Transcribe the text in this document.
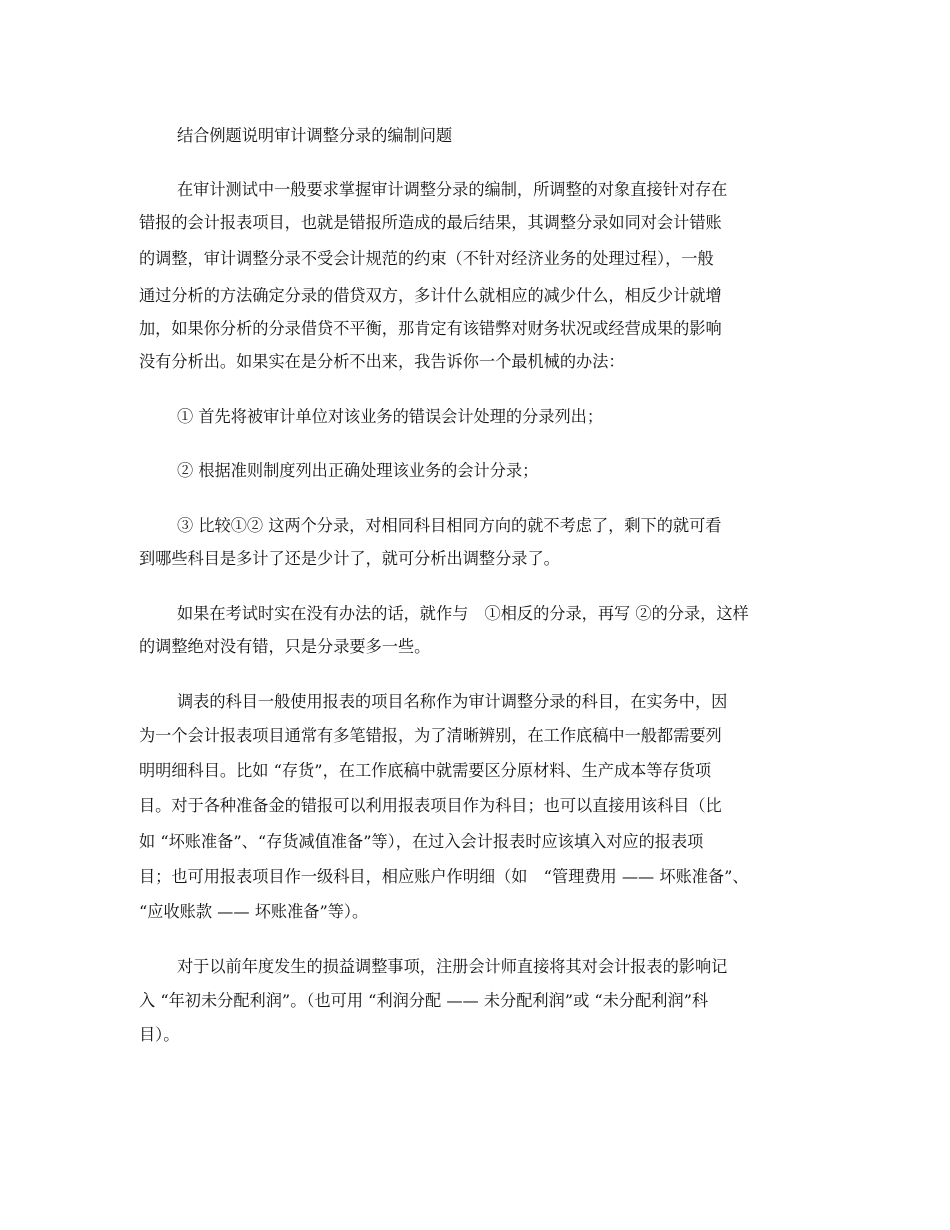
结合例题说明审计调整分录的编制问题

在审计测试中一般要求掌握审计调整分录的编制，所调整的对象直接针对存在

错报的会计报表项目，也就是错报所造成的最后结果，其调整分录如同对会计错账

的调整，审计调整分录不受会计规范的约束（不针对经济业务的处理过程），一般

通过分析的方法确定分录的借贷双方，多计什么就相应的减少什么，相反少计就增

加，如果你分析的分录借贷不平衡，那肯定有该错弊对财务状况或经营成果的影响

没有分析出。如果实在是分析不出来，我告诉你一个最机械的办法：

① 首先将被审计单位对该业务的错误会计处理的分录列出；

② 根据准则制度列出正确处理该业务的会计分录；

③ 比较①② 这两个分录，对相同科目相同方向的就不考虑了，剩下的就可看

到哪些科目是多计了还是少计了，就可分析出调整分录了。

如果在考试时实在没有办法的话，就作与　①相反的分录，再写 ②的分录，这样

的调整绝对没有错，只是分录要多一些。

调表的科目一般使用报表的项目名称作为审计调整分录的科目，在实务中，因

为一个会计报表项目通常有多笔错报，为了清晰辨别，在工作底稿中一般都需要列

明明细科目。比如 “存货”，在工作底稿中就需要区分原材料、生产成本等存货项

目。对于各种准备金的错报可以利用报表项目作为科目；也可以直接用该科目（比

如 “坏账准备”、“存货减值准备”等），在过入会计报表时应该填入对应的报表项

目；也可用报表项目作一级科目，相应账户作明细（如　“管理费用 —— 坏账准备”、

“应收账款 —— 坏账准备”等）。

对于以前年度发生的损益调整事项，注册会计师直接将其对会计报表的影响记

入 “年初未分配利润”。（也可用 “利润分配 —— 未分配利润”或 “未分配利润”科

目）。
